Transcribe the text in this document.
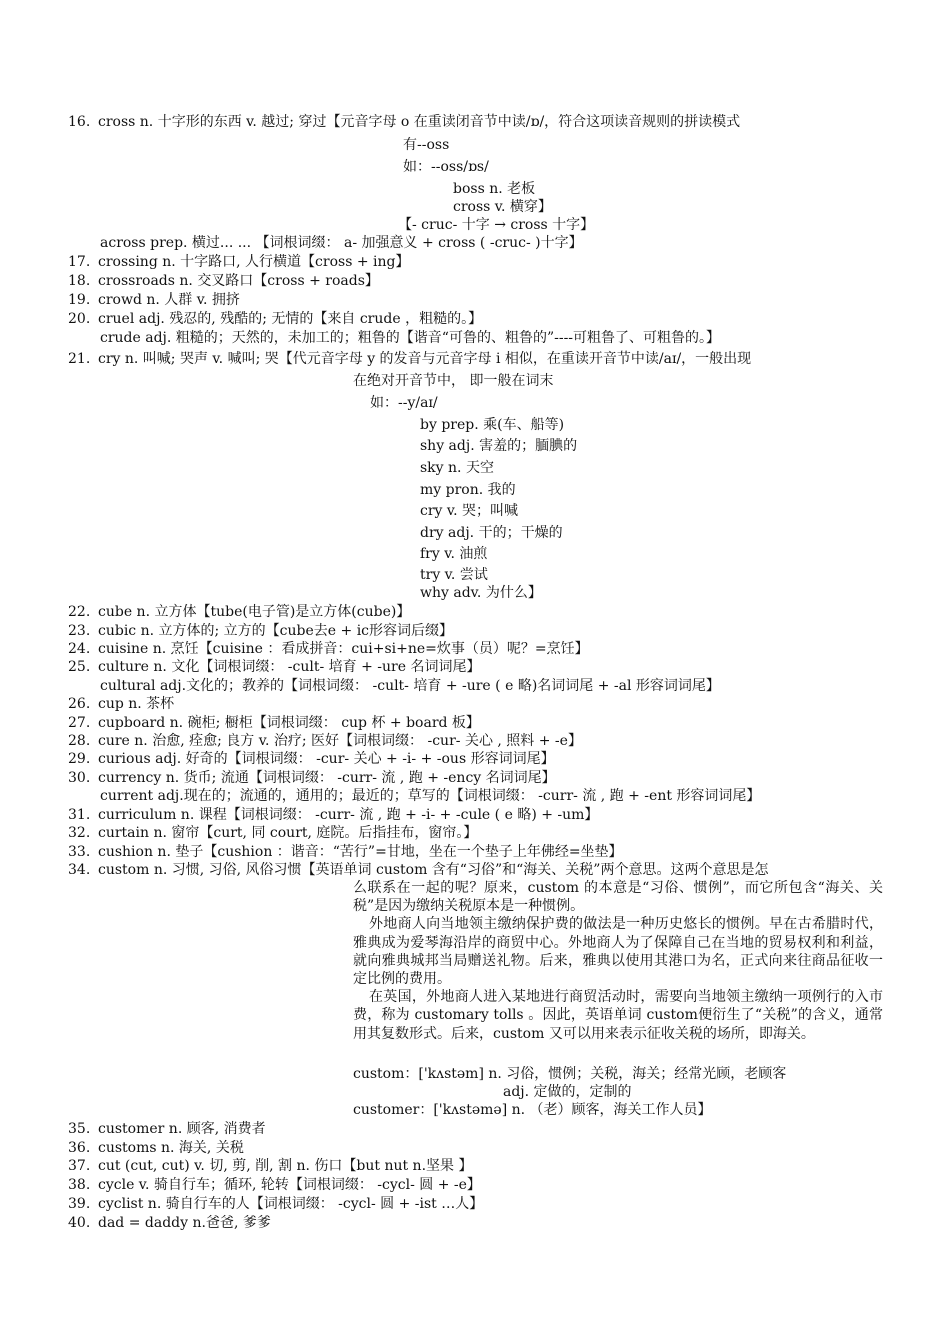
16. cross n. 十字形的东西 v. 越过; 穿过【元音字母 o 在重读闭音节中读/ɒ/，符合这项读音规则的拼读模式
有--oss
如：--oss/ɒs/
boss n. 老板
cross v. 横穿】
【- cruc- 十字 → cross 十字】
across prep. 横过... ... 【词根词缀： a- 加强意义 + cross ( -cruc- )十字】
17. crossing n. 十字路口, 人行横道【cross + ing】
18. crossroads n. 交叉路口【cross + roads】
19. crowd n. 人群 v. 拥挤
20. cruel adj. 残忍的, 残酷的; 无情的【来自 crude ，粗糙的。】
crude adj. 粗糙的；天然的，未加工的；粗鲁的【谐音“可鲁的、粗鲁的”----可粗鲁了、可粗鲁的。】
21. cry n. 叫喊; 哭声 v. 喊叫; 哭【代元音字母 y 的发音与元音字母 i 相似，在重读开音节中读/aɪ/，一般出现
在绝对开音节中， 即一般在词末
如：--y/aɪ/
by prep. 乘(车、船等)
shy adj. 害羞的；腼腆的
sky n. 天空
my pron. 我的
cry v. 哭；叫喊
dry adj. 干的；干燥的
fry v. 油煎
try v. 尝试
why adv. 为什么】
22. cube n. 立方体【tube(电子管)是立方体(cube)】
23. cubic n. 立方体的; 立方的【cube去e + ic形容词后缀】
24. cuisine n. 烹饪【cuisine ：看成拼音：cui+si+ne=炊事（员）呢？=烹饪】
25. culture n. 文化【词根词缀： -cult- 培育 + -ure 名词词尾】
cultural adj.文化的；教养的【词根词缀： -cult- 培育 + -ure ( e 略)名词词尾 + -al 形容词词尾】
26. cup n. 茶杯
27. cupboard n. 碗柜; 橱柜【词根词缀： cup 杯 + board 板】
28. cure n. 治愈, 痊愈; 良方 v. 治疗; 医好【词根词缀： -cur- 关心 , 照料 + -e】
29. curious adj. 好奇的【词根词缀： -cur- 关心 + -i- + -ous 形容词词尾】
30. currency n. 货币; 流通【词根词缀： -curr- 流 , 跑 + -ency 名词词尾】
current adj.现在的；流通的，通用的；最近的；草写的【词根词缀： -curr- 流 , 跑 + -ent 形容词词尾】
31. curriculum n. 课程【词根词缀： -curr- 流 , 跑 + -i- + -cule ( e 略) + -um】
32. curtain n. 窗帘【curt, 同 court, 庭院。后指挂布，窗帘。】
33. cushion n. 垫子【cushion ：谐音：“苦行”=甘地，坐在一个垫子上年佛经=坐垫】
34. custom n. 习惯, 习俗, 风俗习惯【英语单词 custom 含有“习俗”和“海关、关税”两个意思。这两个意思是怎

么联系在一起的呢？原来，custom 的本意是“习俗、惯例”，而它所包含“海关、关税”是因为缴纳关税原本是一种惯例。

外地商人向当地领主缴纳保护费的做法是一种历史悠长的惯例。早在古希腊时代，雅典成为爱琴海沿岸的商贸中心。外地商人为了保障自己在当地的贸易权利和利益，就向雅典城邦当局赠送礼物。后来，雅典以使用其港口为名，正式向来往商品征收一定比例的费用。

在英国，外地商人进入某地进行商贸活动时，需要向当地领主缴纳一项例行的入市费，称为 customary tolls 。因此，英语单词 custom便衍生了“关税”的含义，通常用其复数形式。后来，custom 又可以用来表示征收关税的场所，即海关。

custom：['kʌstəm] n. 习俗，惯例；关税，海关；经常光顾，老顾客
adj. 定做的，定制的
customer：['kʌstəmə] n. （老）顾客，海关工作人员】
35. customer n. 顾客, 消费者
36. customs n. 海关, 关税
37. cut (cut, cut) v. 切, 剪, 削, 割 n. 伤口【but nut n.坚果 】
38. cycle v. 骑自行车；循环, 轮转【词根词缀： -cycl- 圆 + -e】
39. cyclist n. 骑自行车的人【词根词缀： -cycl- 圆 + -ist …人】
40. dad = daddy n.爸爸, 爹爹
